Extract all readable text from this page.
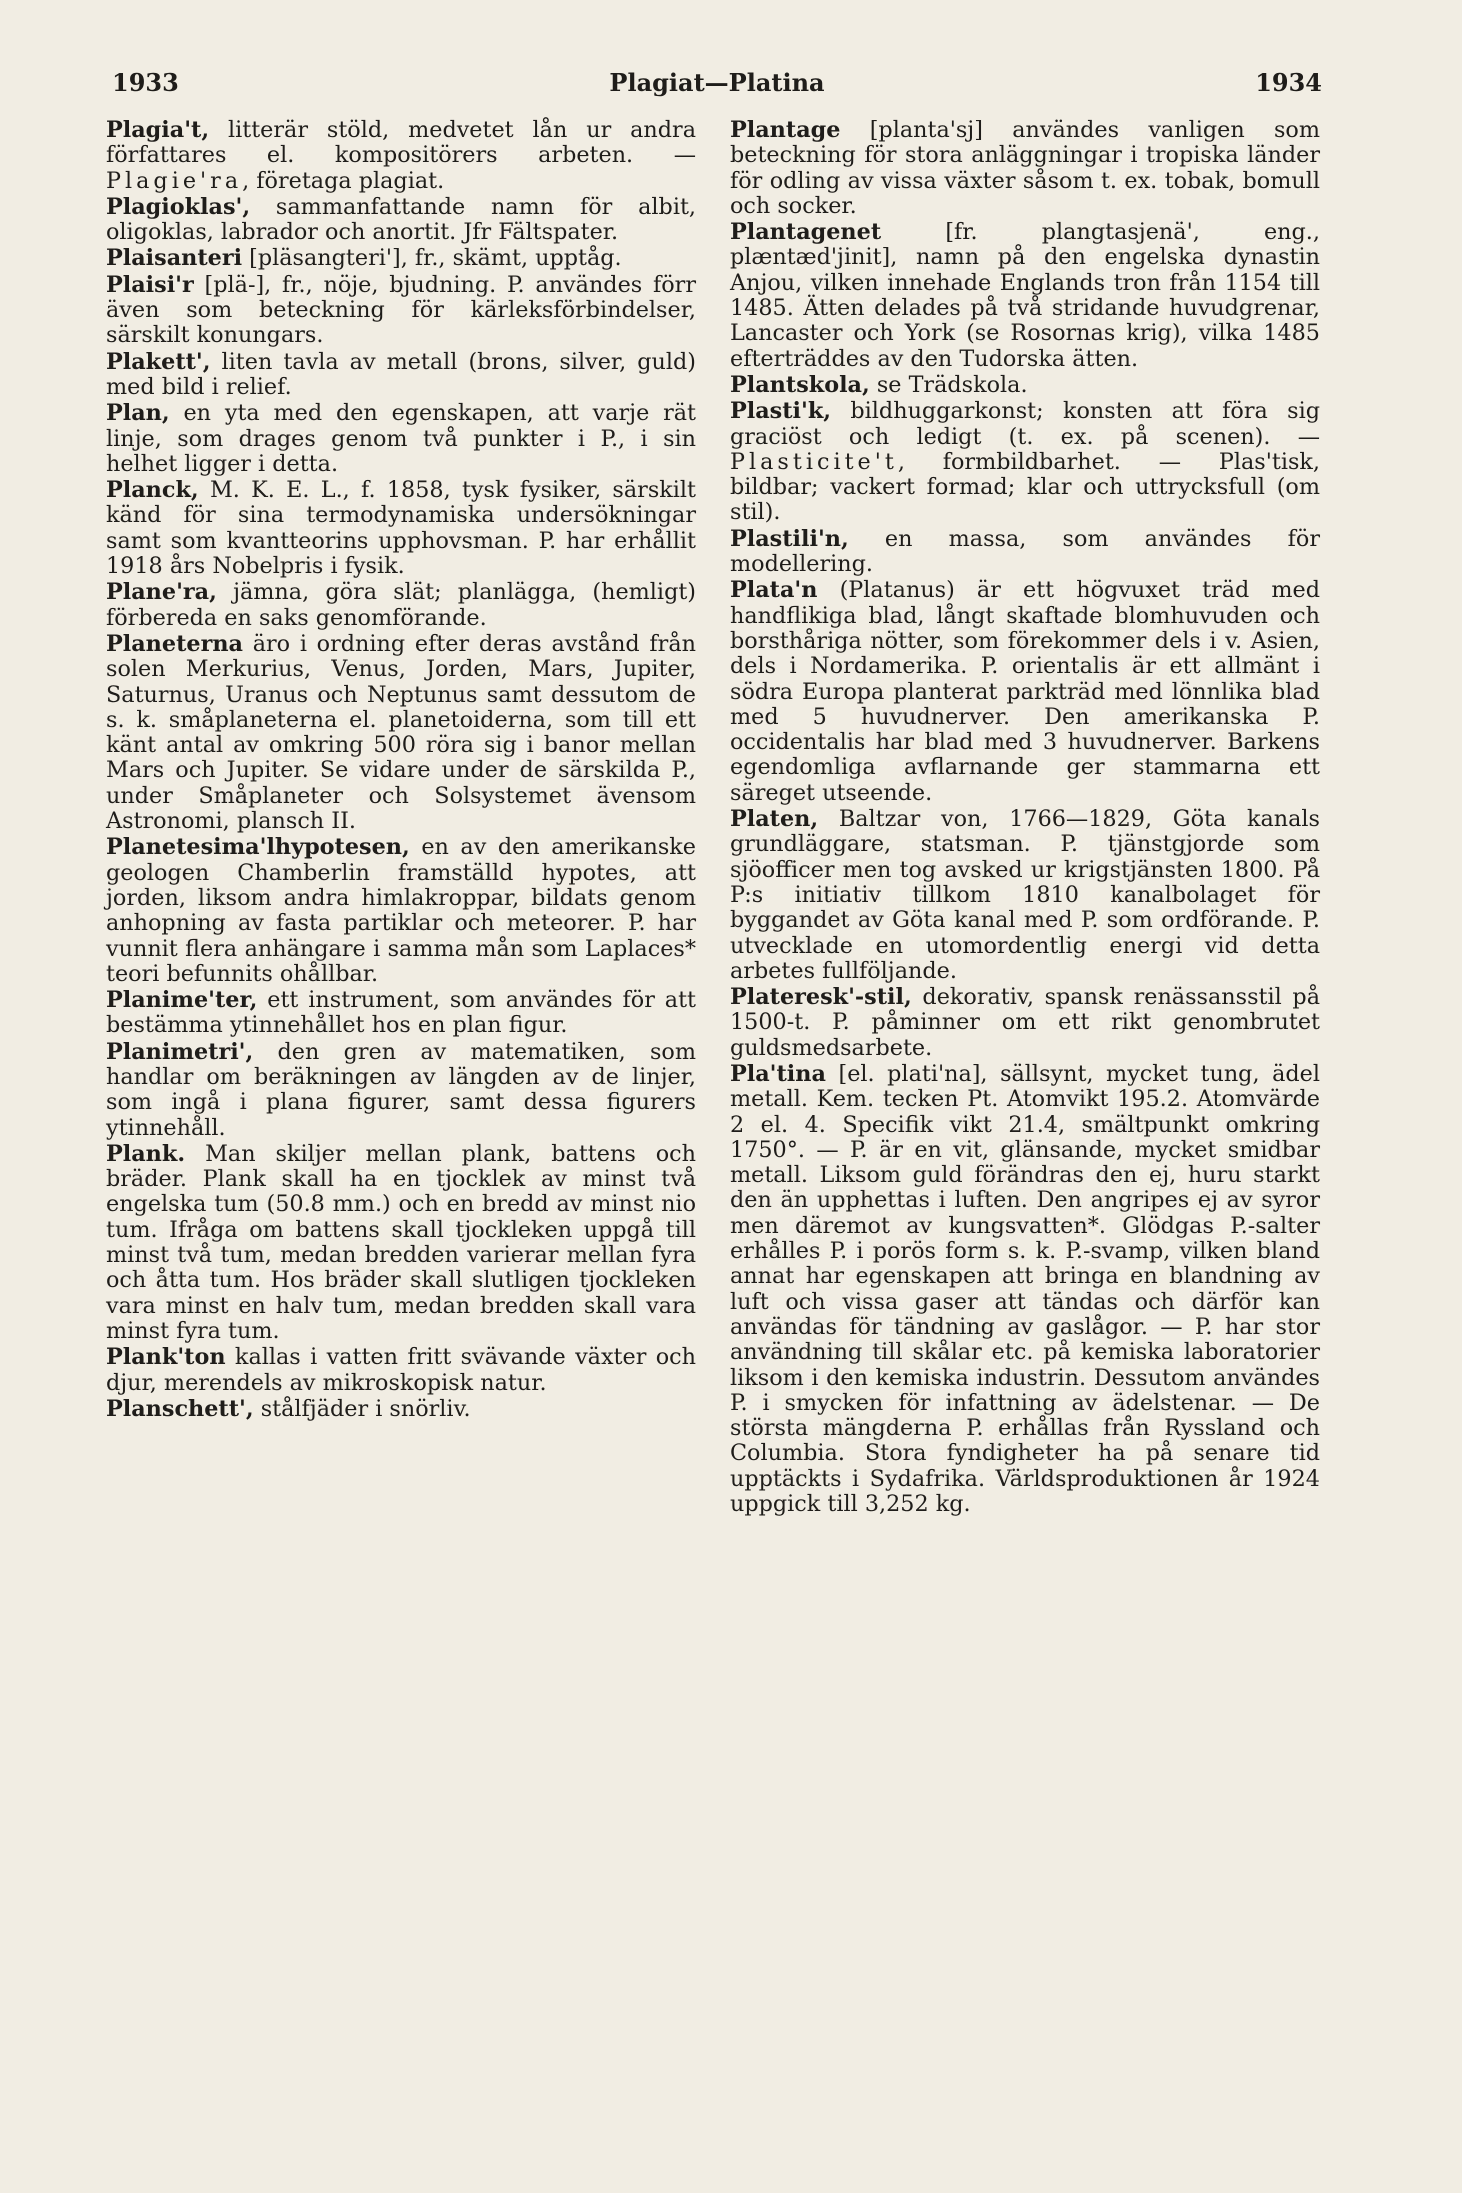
1933	Plagiat—Platina	1934

Plagia't, litterär stöld, medvetet lån ur andra författares el. kompositörers arbeten. — Plagie'ra, företaga plagiat.

Plagioklas', sammanfattande namn för albit, oligoklas, labrador och anortit. Jfr Fältspater.

Plaisanteri [pläsangteri'], fr., skämt, upptåg.

Plaisi'r [plä-], fr., nöje, bjudning. P. användes förr även som beteckning för kärleksförbindelser, särskilt konungars.

Plakett', liten tavla av metall (brons, silver, guld) med bild i relief.

Plan, en yta med den egenskapen, att varje rät linje, som drages genom två punkter i P., i sin helhet ligger i detta.

Planck, M. K. E. L., f. 1858, tysk fysiker, särskilt känd för sina termodynamiska undersökningar samt som kvantteorins upphovsman. P. har erhållit 1918 års Nobelpris i fysik.

Plane'ra, jämna, göra slät; planlägga, (hemligt) förbereda en saks genomförande.

Planeterna äro i ordning efter deras avstånd från solen Merkurius, Venus, Jorden, Mars, Jupiter, Saturnus, Uranus och Neptunus samt dessutom de s. k. småplaneterna el. planetoiderna, som till ett känt antal av omkring 500 röra sig i banor mellan Mars och Jupiter. Se vidare under de särskilda P., under Småplaneter och Solsystemet ävensom Astronomi, plansch II.

Planetesima'lhypotesen, en av den amerikanske geologen Chamberlin framställd hypotes, att jorden, liksom andra himlakroppar, bildats genom anhopning av fasta partiklar och meteorer. P. har vunnit flera anhängare i samma mån som Laplaces* teori befunnits ohållbar.

Planime'ter, ett instrument, som användes för att bestämma ytinnehållet hos en plan figur.

Planimetri', den gren av matematiken, som handlar om beräkningen av längden av de linjer, som ingå i plana figurer, samt dessa figurers ytinnehåll.

Plank. Man skiljer mellan plank, battens och bräder. Plank skall ha en tjocklek av minst två engelska tum (50.8 mm.) och en bredd av minst nio tum. Ifråga om battens skall tjockleken uppgå till minst två tum, medan bredden varierar mellan fyra och åtta tum. Hos bräder skall slutligen tjockleken vara minst en halv tum, medan bredden skall vara minst fyra tum.

Plank'ton kallas i vatten fritt svävande växter och djur, merendels av mikroskopisk natur.

Planschett', stålfjäder i snörliv.

Plantage [planta'sj] användes vanligen som beteckning för stora anläggningar i tropiska länder för odling av vissa växter såsom t. ex. tobak, bomull och socker.

Plantagenet [fr. plangtasjenä', eng., plæntæd'jinit], namn på den engelska dynastin Anjou, vilken innehade Englands tron från 1154 till 1485. Ätten delades på två stridande huvudgrenar, Lancaster och York (se Rosornas krig), vilka 1485 efterträddes av den Tudorska ätten.

Plantskola, se Trädskola.

Plasti'k, bildhuggarkonst; konsten att föra sig graciöst och ledigt (t. ex. på scenen). — Plasticite't, formbildbarhet. — Plas'tisk, bildbar; vackert formad; klar och uttrycksfull (om stil).

Plastili'n, en massa, som användes för modellering.

Plata'n (Platanus) är ett högvuxet träd med handflikiga blad, långt skaftade blomhuvuden och borsthåriga nötter, som förekommer dels i v. Asien, dels i Nordamerika. P. orientalis är ett allmänt i södra Europa planterat parkträd med lönnlika blad med 5 huvudnerver. Den amerikanska P. occidentalis har blad med 3 huvudnerver. Barkens egendomliga avflarnande ger stammarna ett säreget utseende.

Platen, Baltzar von, 1766—1829, Göta kanals grundläggare, statsman. P. tjänstgjorde som sjöofficer men tog avsked ur krigstjänsten 1800. På P:s initiativ tillkom 1810 kanalbolaget för byggandet av Göta kanal med P. som ordförande. P. utvecklade en utomordentlig energi vid detta arbetes fullföljande.

Plateresk'-stil, dekorativ, spansk renässansstil på 1500-t. P. påminner om ett rikt genombrutet guldsmedsarbete.

Pla'tina [el. plati'na], sällsynt, mycket tung, ädel metall. Kem. tecken Pt. Atomvikt 195.2. Atomvärde 2 el. 4. Specifik vikt 21.4, smältpunkt omkring 1750°. — P. är en vit, glänsande, mycket smidbar metall. Liksom guld förändras den ej, huru starkt den än upphettas i luften. Den angripes ej av syror men däremot av kungsvatten*. Glödgas P.-salter erhålles P. i porös form s. k. P.-svamp, vilken bland annat har egenskapen att bringa en blandning av luft och vissa gaser att tändas och därför kan användas för tändning av gaslågor. — P. har stor användning till skålar etc. på kemiska laboratorier liksom i den kemiska industrin. Dessutom användes P. i smycken för infattning av ädelstenar. — De största mängderna P. erhållas från Ryssland och Columbia. Stora fyndigheter ha på senare tid upptäckts i Sydafrika. Världsproduktionen år 1924 uppgick till 3,252 kg.
